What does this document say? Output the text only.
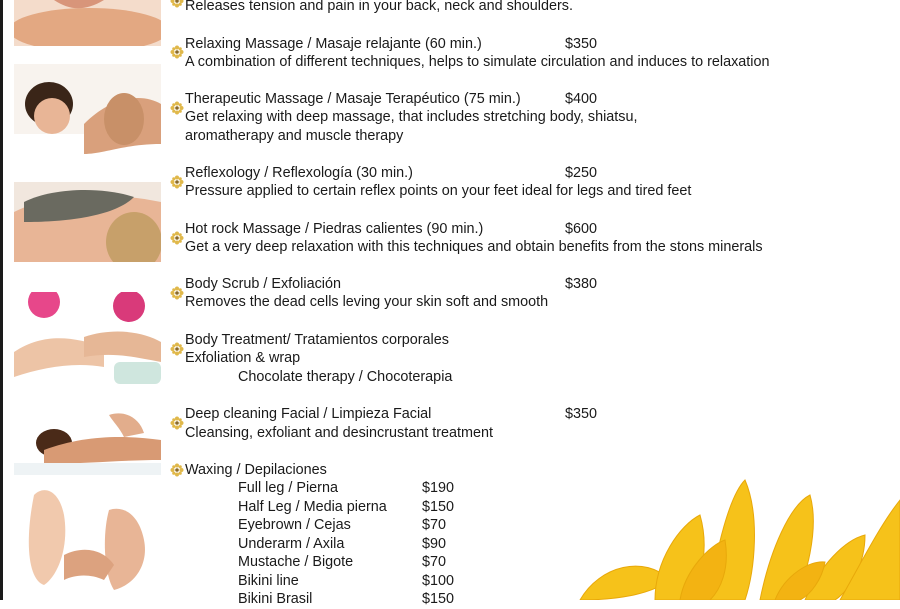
Releases tension and pain in your back, neck and shoulders.
Relaxing Massage / Masaje relajante (60 min.)	$350
A combination of different techniques, helps to simulate circulation and induces to relaxation
Therapeutic Massage / Masaje Terapéutico (75 min.)	$400
Get relaxing with deep massage, that includes stretching body, shiatsu,
aromatherapy and muscle therapy
Reflexology / Reflexología (30 min.)	$250
Pressure applied to certain reflex points on your feet ideal for legs and tired feet
Hot rock Massage / Piedras calientes (90 min.)	$600
Get a very deep relaxation with this techniques and obtain benefits from the stons minerals
Body Scrub / Exfoliación	$380
Removes the dead cells leving your skin soft and smooth
Body Treatment/ Tratamientos corporales
Exfoliation & wrap
Chocolate therapy / Chocoterapia
Deep cleaning Facial / Limpieza Facial	$350
Cleansing, exfoliant and desincrustant treatment
Waxing / Depilaciones
Full leg / Pierna	$190
Half Leg / Media pierna $150
Eyebrown / Cejas	$70
Underarm / Axila	$90
Mustache / Bigote	$70
Bikini line	$100
Bikini Brasil	$150
